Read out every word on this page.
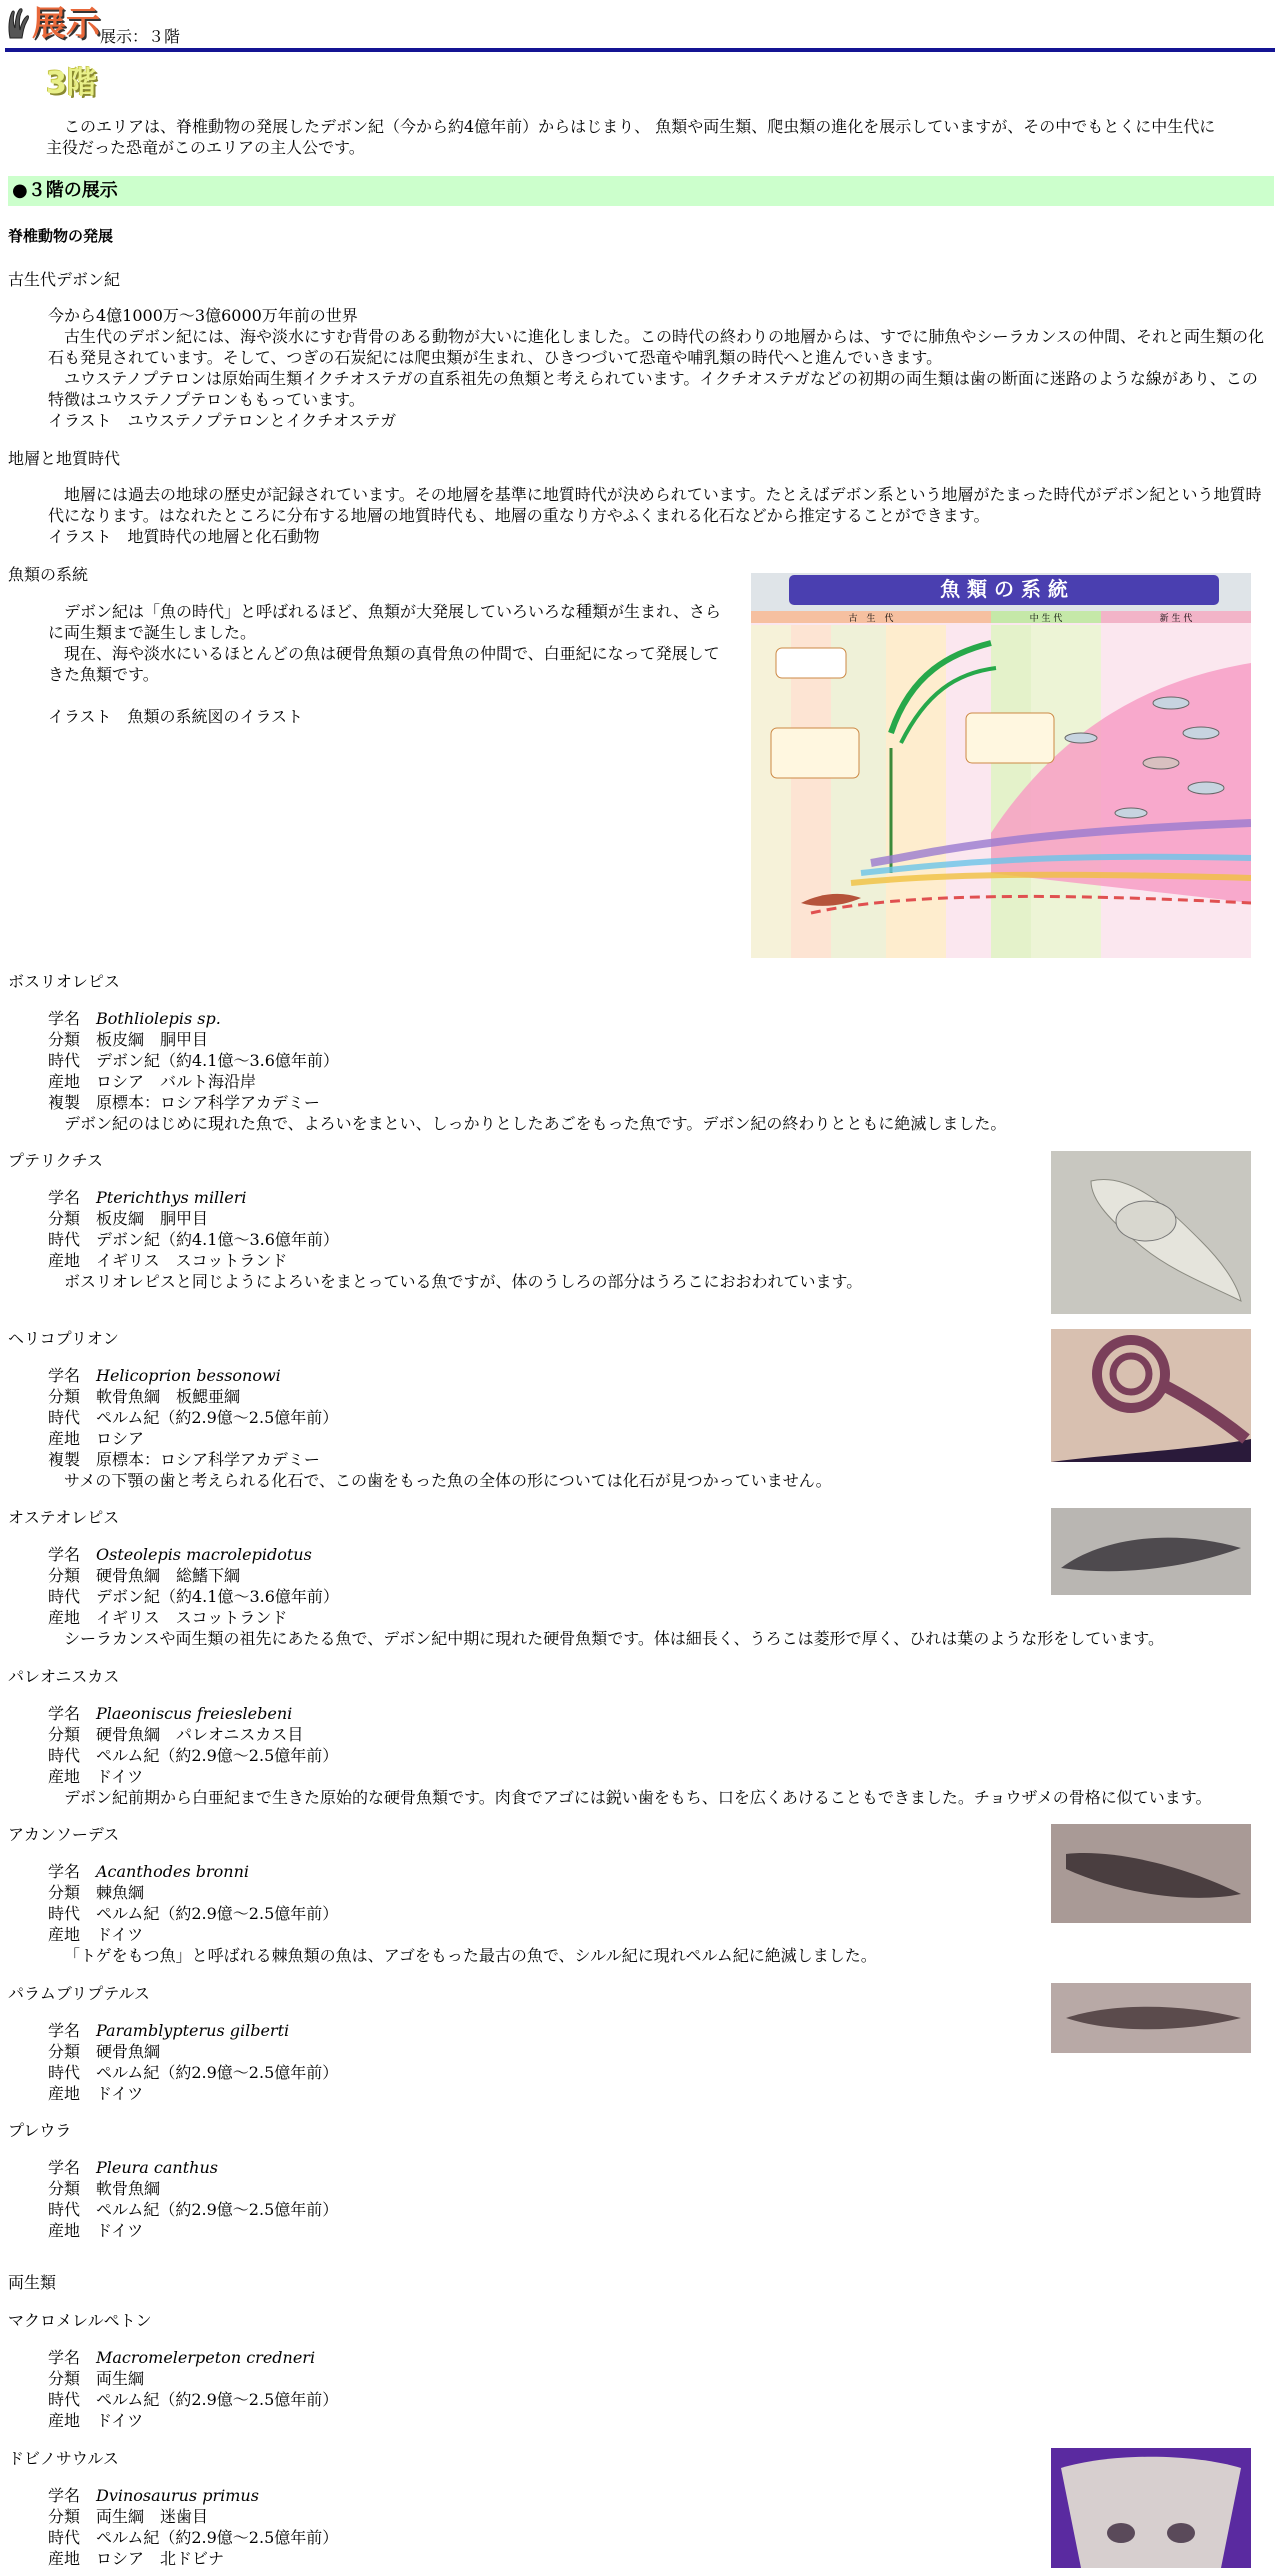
展示 展示：３階
3階
このエリアは、脊椎動物の発展したデボン紀（今から約4億年前）からはじまり、 魚類や両生類、爬虫類の進化を展示していますが、その中でもとくに中生代に主役だった恐竜がこのエリアの主人公です。
●３階の展示
脊椎動物の発展
古生代デボン紀
今から4億1000万～3億6000万年前の世界
古生代のデボン紀には、海や淡水にすむ背骨のある動物が大いに進化しました。この時代の終わりの地層からは、すでに肺魚やシーラカンスの仲間、それと両生類の化石も発見されています。そして、つぎの石炭紀には爬虫類が生まれ、ひきつづいて恐竜や哺乳類の時代へと進んでいきます。
ユウステノプテロンは原始両生類イクチオステガの直系祖先の魚類と考えられています。イクチオステガなどの初期の両生類は歯の断面に迷路のような線があり、この特徴はユウステノプテロンももっています。
イラスト　ユウステノプテロンとイクチオステガ
地層と地質時代
地層には過去の地球の歴史が記録されています。その地層を基準に地質時代が決められています。たとえばデボン系という地層がたまった時代がデボン紀という地質時代になります。はなれたところに分布する地層の地質時代も、地層の重なり方やふくまれる化石などから推定することができます。
イラスト　地質時代の地層と化石動物
魚類の系統
デボン紀は「魚の時代」と呼ばれるほど、魚類が大発展していろいろな種類が生まれ、さらに両生類まで誕生しました。
現在、海や淡水にいるほとんどの魚は硬骨魚類の真骨魚の仲間で、白亜紀になって発展してきた魚類です。
イラスト　魚類の系統図のイラスト
魚 類 の 系 統
古　生　代	中 生 代	新 生 代
ボスリオレピス
学名 Bothliolepis sp.
分類 板皮綱　胴甲目
時代 デボン紀（約4.1億～3.6億年前）
産地 ロシア　バルト海沿岸
複製 原標本：ロシア科学アカデミー
デボン紀のはじめに現れた魚で、よろいをまとい、しっかりとしたあごをもった魚です。デボン紀の終わりとともに絶滅しました。
プテリクチス
学名 Pterichthys milleri
分類 板皮綱　胴甲目
時代 デボン紀（約4.1億～3.6億年前）
産地 イギリス　スコットランド
ボスリオレピスと同じようによろいをまとっている魚ですが、体のうしろの部分はうろこにおおわれています。
ヘリコプリオン
学名 Helicoprion bessonowi
分類 軟骨魚綱　板鰓亜綱
時代 ペルム紀（約2.9億～2.5億年前）
産地 ロシア
複製 原標本：ロシア科学アカデミー
サメの下顎の歯と考えられる化石で、この歯をもった魚の全体の形については化石が見つかっていません。
オステオレピス
学名 Osteolepis macrolepidotus
分類 硬骨魚綱　総鰭下綱
時代 デボン紀（約4.1億～3.6億年前）
産地 イギリス　スコットランド
シーラカンスや両生類の祖先にあたる魚で、デボン紀中期に現れた硬骨魚類です。体は細長く、うろこは菱形で厚く、ひれは葉のような形をしています。
パレオニスカス
学名 Plaeoniscus freieslebeni
分類 硬骨魚綱　パレオニスカス目
時代 ペルム紀（約2.9億～2.5億年前）
産地 ドイツ
デボン紀前期から白亜紀まで生きた原始的な硬骨魚類です。肉食でアゴには鋭い歯をもち、口を広くあけることもできました。チョウザメの骨格に似ています。
アカンソーデス
学名 Acanthodes bronni
分類 棘魚綱
時代 ペルム紀（約2.9億～2.5億年前）
産地 ドイツ
「トゲをもつ魚」と呼ばれる棘魚類の魚は、アゴをもった最古の魚で、シルル紀に現れペルム紀に絶滅しました。
パラムブリプテルス
学名 Paramblypterus gilberti
分類 硬骨魚綱
時代 ペルム紀（約2.9億～2.5億年前）
産地 ドイツ
プレウラ
学名 Pleura canthus
分類 軟骨魚綱
時代 ペルム紀（約2.9億～2.5億年前）
産地 ドイツ
両生類
マクロメレルペトン
学名 Macromelerpeton credneri
分類 両生綱
時代 ペルム紀（約2.9億～2.5億年前）
産地 ドイツ
ドビノサウルス
学名 Dvinosaurus primus
分類 両生綱　迷歯目
時代 ペルム紀（約2.9億～2.5億年前）
産地 ロシア　北ドビナ
